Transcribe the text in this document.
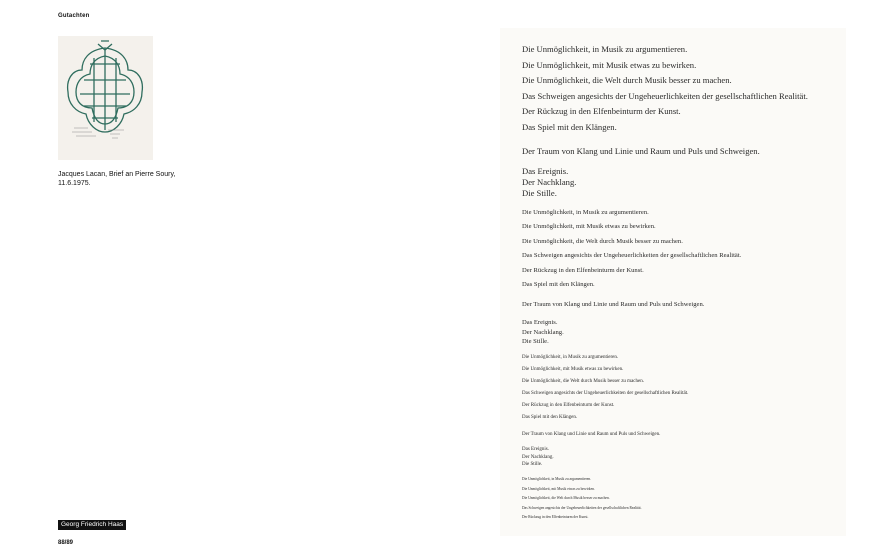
Gutachten
Jacques Lacan, Brief an Pierre Soury,
11.6.1975.
Georg Friedrich Haas
88/89

Die Unmöglichkeit, in Musik zu argumentieren.

Die Unmöglichkeit, mit Musik etwas zu bewirken.

Die Unmöglichkeit, die Welt durch Musik besser zu machen.

Das Schweigen angesichts der Ungeheuerlichkeiten der gesellschaftlichen Realität.

Der Rückzug in den Elfenbeinturm der Kunst.

Das Spiel mit den Klängen.

Der Traum von Klang und Linie und Raum und Puls und Schweigen.

Das Ereignis.

Der Nachklang.

Die Stille.

Die Unmöglichkeit, in Musik zu argumentieren.

Die Unmöglichkeit, mit Musik etwas zu bewirken.

Die Unmöglichkeit, die Welt durch Musik besser zu machen.

Das Schweigen angesichts der Ungeheuerlichkeiten der gesellschaftlichen Realität.

Der Rückzug in den Elfenbeinturm der Kunst.

Das Spiel mit den Klängen.

Der Traum von Klang und Linie und Raum und Puls und Schweigen.

Das Ereignis.

Der Nachklang.

Die Stille.

Die Unmöglichkeit, in Musik zu argumentieren.

Die Unmöglichkeit, mit Musik etwas zu bewirken.

Die Unmöglichkeit, die Welt durch Musik besser zu machen.

Das Schweigen angesichts der Ungeheuerlichkeiten der gesellschaftlichen Realität.

Der Rückzug in den Elfenbeinturm der Kunst.

Das Spiel mit den Klängen.

Der Traum von Klang und Linie und Raum und Puls und Schweigen.

Das Ereignis.

Der Nachklang.

Die Stille.

Die Unmöglichkeit, in Musik zu argumentieren.

Die Unmöglichkeit, mit Musik etwas zu bewirken.

Die Unmöglichkeit, die Welt durch Musik besser zu machen.

Das Schweigen angesichts der Ungeheuerlichkeiten der gesellschaftlichen Realität.

Der Rückzug in den Elfenbeinturm der Kunst.
